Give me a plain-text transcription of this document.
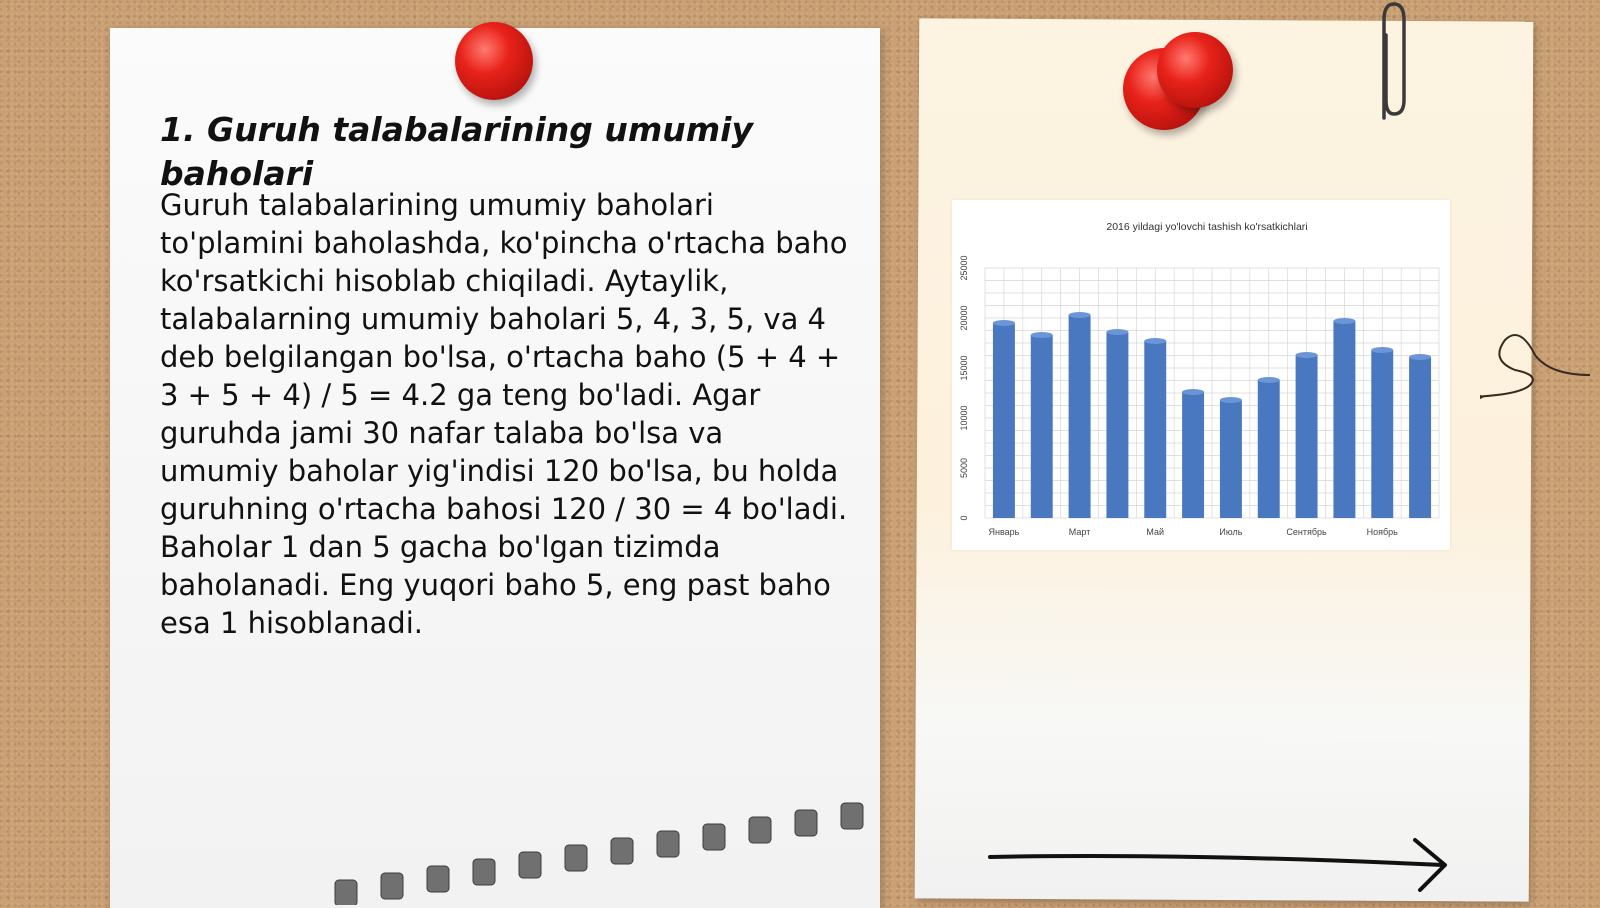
1. Guruh talabalarining umumiy baholari

Guruh talabalarining umumiy baholari to'plamini baholashda, ko'pincha o'rtacha baho ko'rsatkichi hisoblab chiqiladi. Aytaylik, talabalarning umumiy baholari 5, 4, 3, 5, va 4 deb belgilangan bo'lsa, o'rtacha baho (5 + 4 + 3 + 5 + 4) / 5 = 4.2 ga teng bo'ladi. Agar guruhda jami 30 nafar talaba bo'lsa va umumiy baholar yig'indisi 120 bo'lsa, bu holda guruhning o'rtacha bahosi 120 / 30 = 4 bo'ladi. Baholar 1 dan 5 gacha bo'lgan tizimda baholanadi. Eng yuqori baho 5, eng past baho esa 1 hisoblanadi.

2016 yildagi yo'lovchi tashish ko'rsatkichlari
0
5000
10000
15000
20000
25000
Январь	Март	Май	Июль	Сентябрь	Ноябрь
